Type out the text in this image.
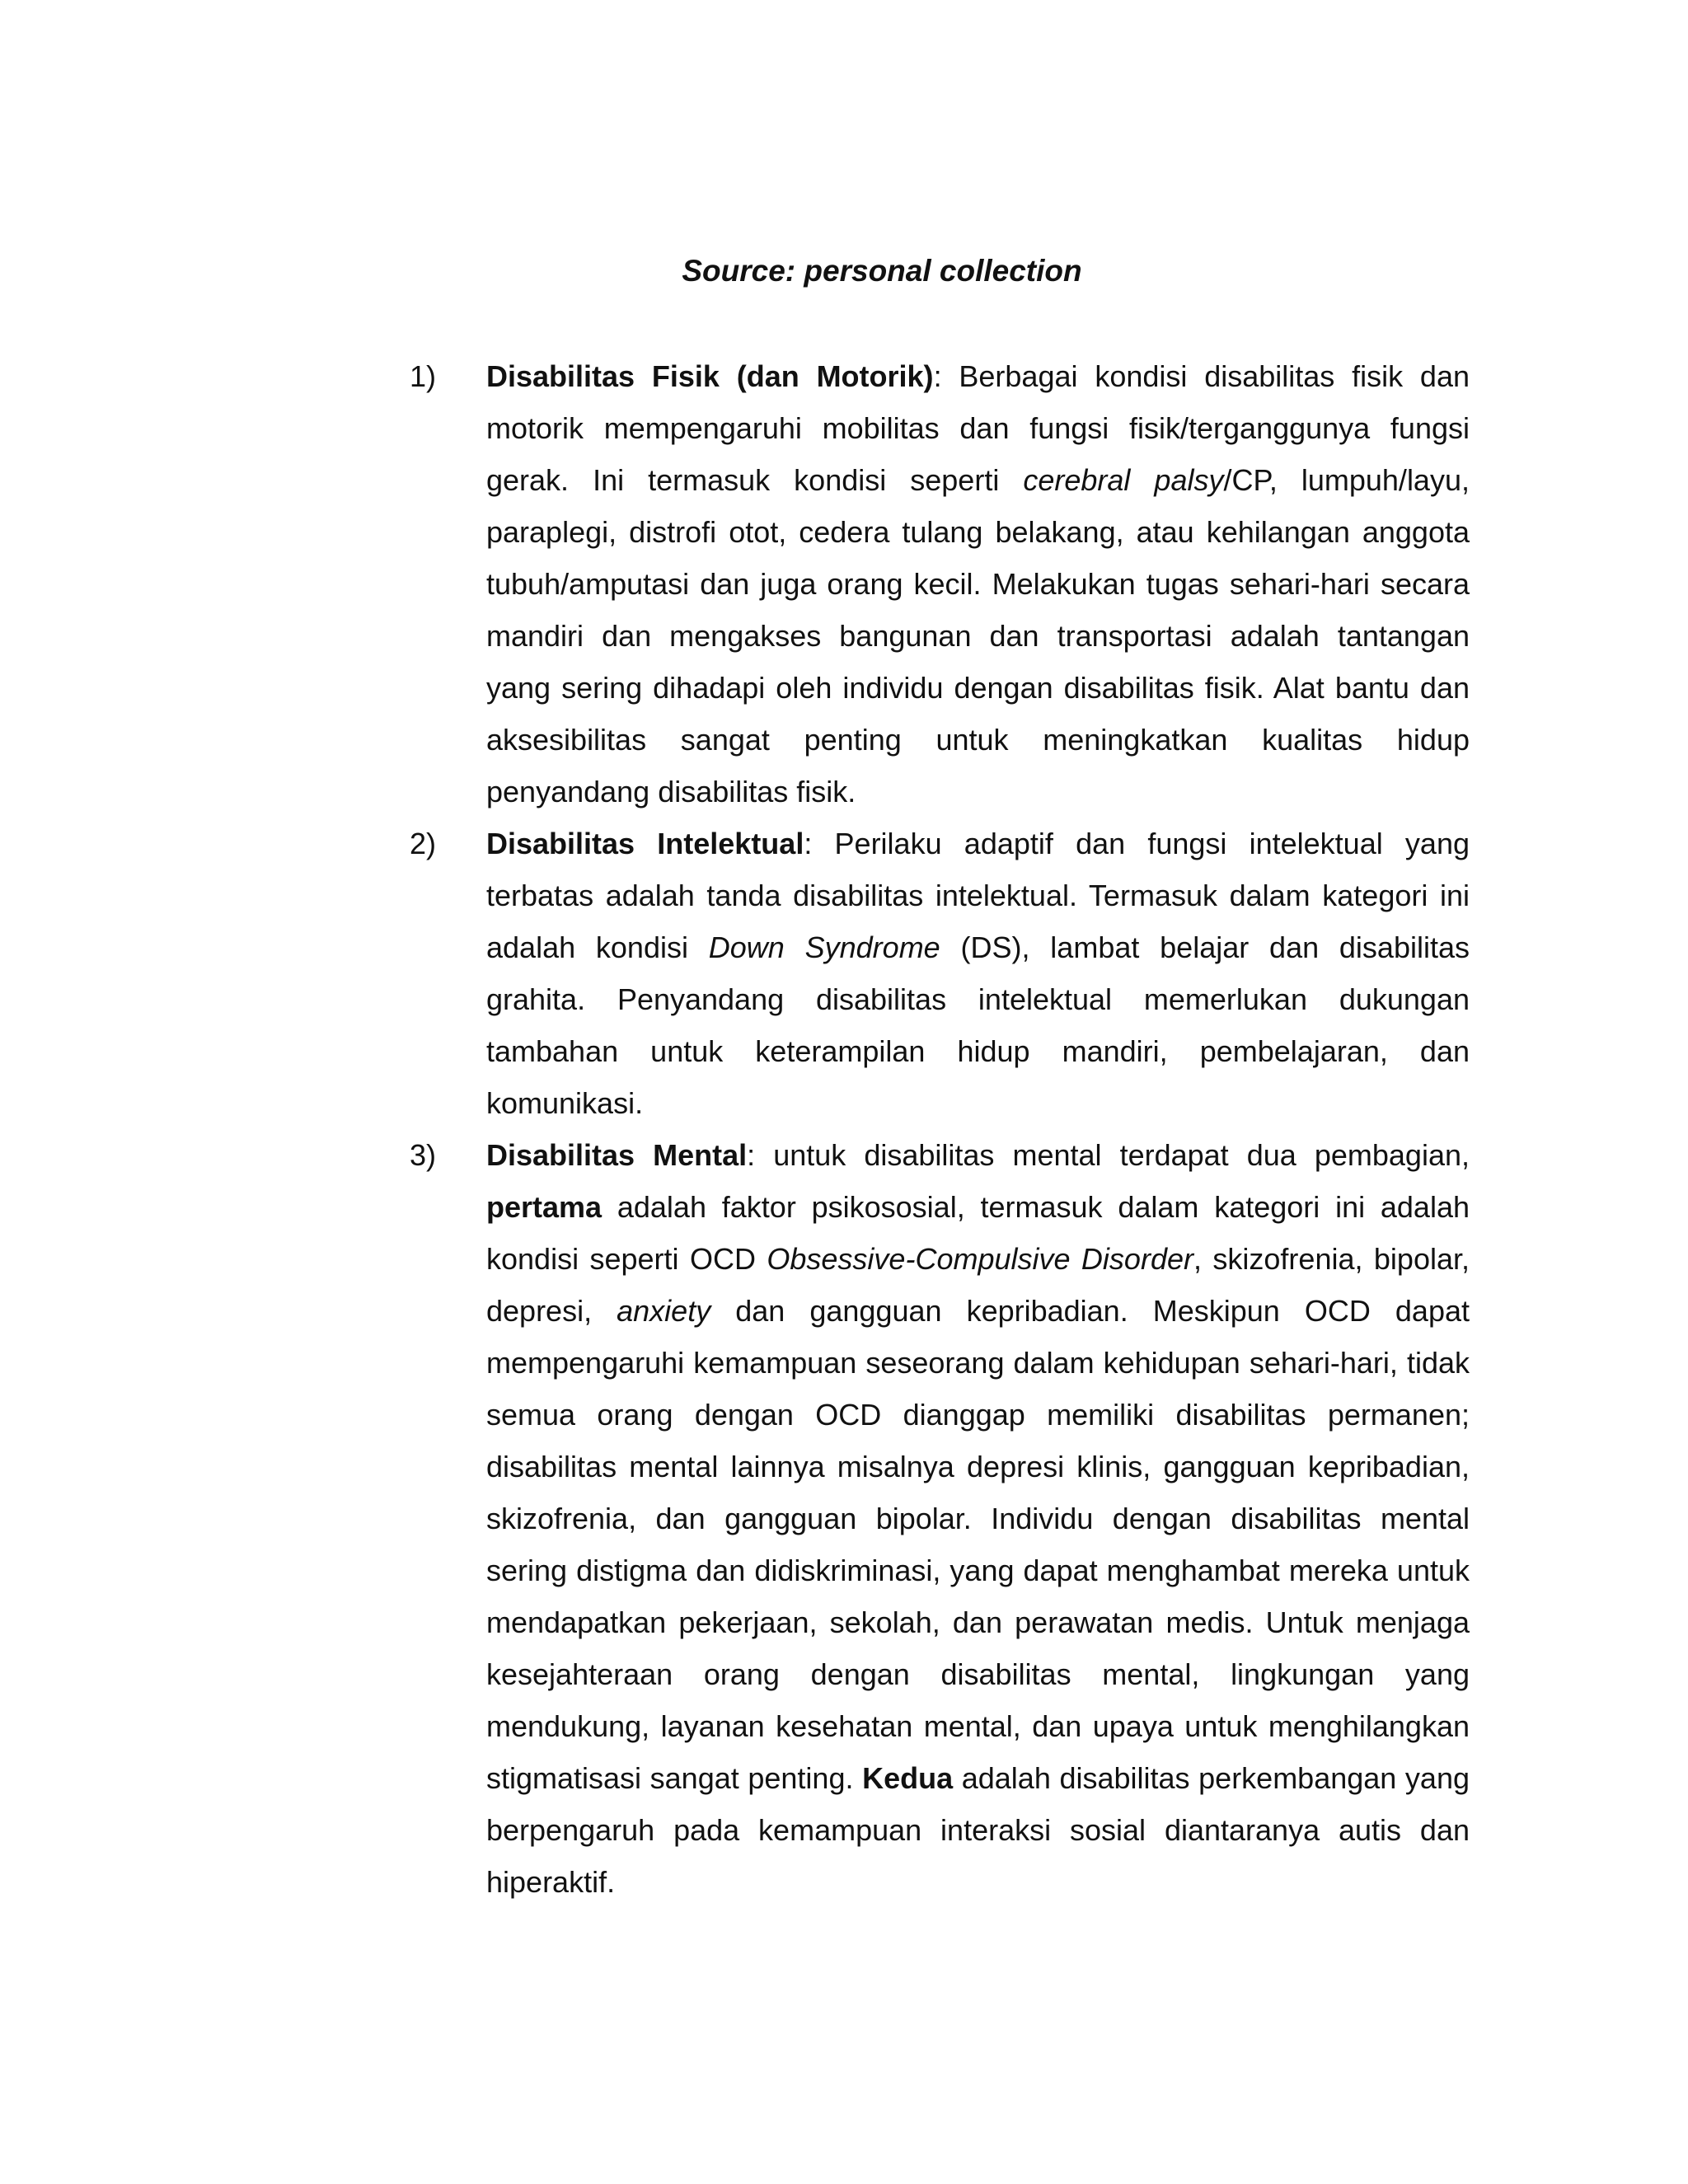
Source: personal collection
1) Disabilitas Fisik (dan Motorik): Berbagai kondisi disabilitas fisik dan motorik mempengaruhi mobilitas dan fungsi fisik/terganggunya fungsi gerak. Ini termasuk kondisi seperti cerebral palsy/CP, lumpuh/layu, paraplegi, distrofi otot, cedera tulang belakang, atau kehilangan anggota tubuh/amputasi dan juga orang kecil. Melakukan tugas sehari-hari secara mandiri dan mengakses bangunan dan transportasi adalah tantangan yang sering dihadapi oleh individu dengan disabilitas fisik. Alat bantu dan aksesibilitas sangat penting untuk meningkatkan kualitas hidup penyandang disabilitas fisik.
2) Disabilitas Intelektual: Perilaku adaptif dan fungsi intelektual yang terbatas adalah tanda disabilitas intelektual. Termasuk dalam kategori ini adalah kondisi Down Syndrome (DS), lambat belajar dan disabilitas grahita. Penyandang disabilitas intelektual memerlukan dukungan tambahan untuk keterampilan hidup mandiri, pembelajaran, dan komunikasi.
3) Disabilitas Mental: untuk disabilitas mental terdapat dua pembagian, pertama adalah faktor psikososial, termasuk dalam kategori ini adalah kondisi seperti OCD Obsessive-Compulsive Disorder, skizofrenia, bipolar, depresi, anxiety dan gangguan kepribadian. Meskipun OCD dapat mempengaruhi kemampuan seseorang dalam kehidupan sehari-hari, tidak semua orang dengan OCD dianggap memiliki disabilitas permanen; disabilitas mental lainnya misalnya depresi klinis, gangguan kepribadian, skizofrenia, dan gangguan bipolar. Individu dengan disabilitas mental sering distigma dan didiskriminasi, yang dapat menghambat mereka untuk mendapatkan pekerjaan, sekolah, dan perawatan medis. Untuk menjaga kesejahteraan orang dengan disabilitas mental, lingkungan yang mendukung, layanan kesehatan mental, dan upaya untuk menghilangkan stigmatisasi sangat penting. Kedua adalah disabilitas perkembangan yang berpengaruh pada kemampuan interaksi sosial diantaranya autis dan hiperaktif.
